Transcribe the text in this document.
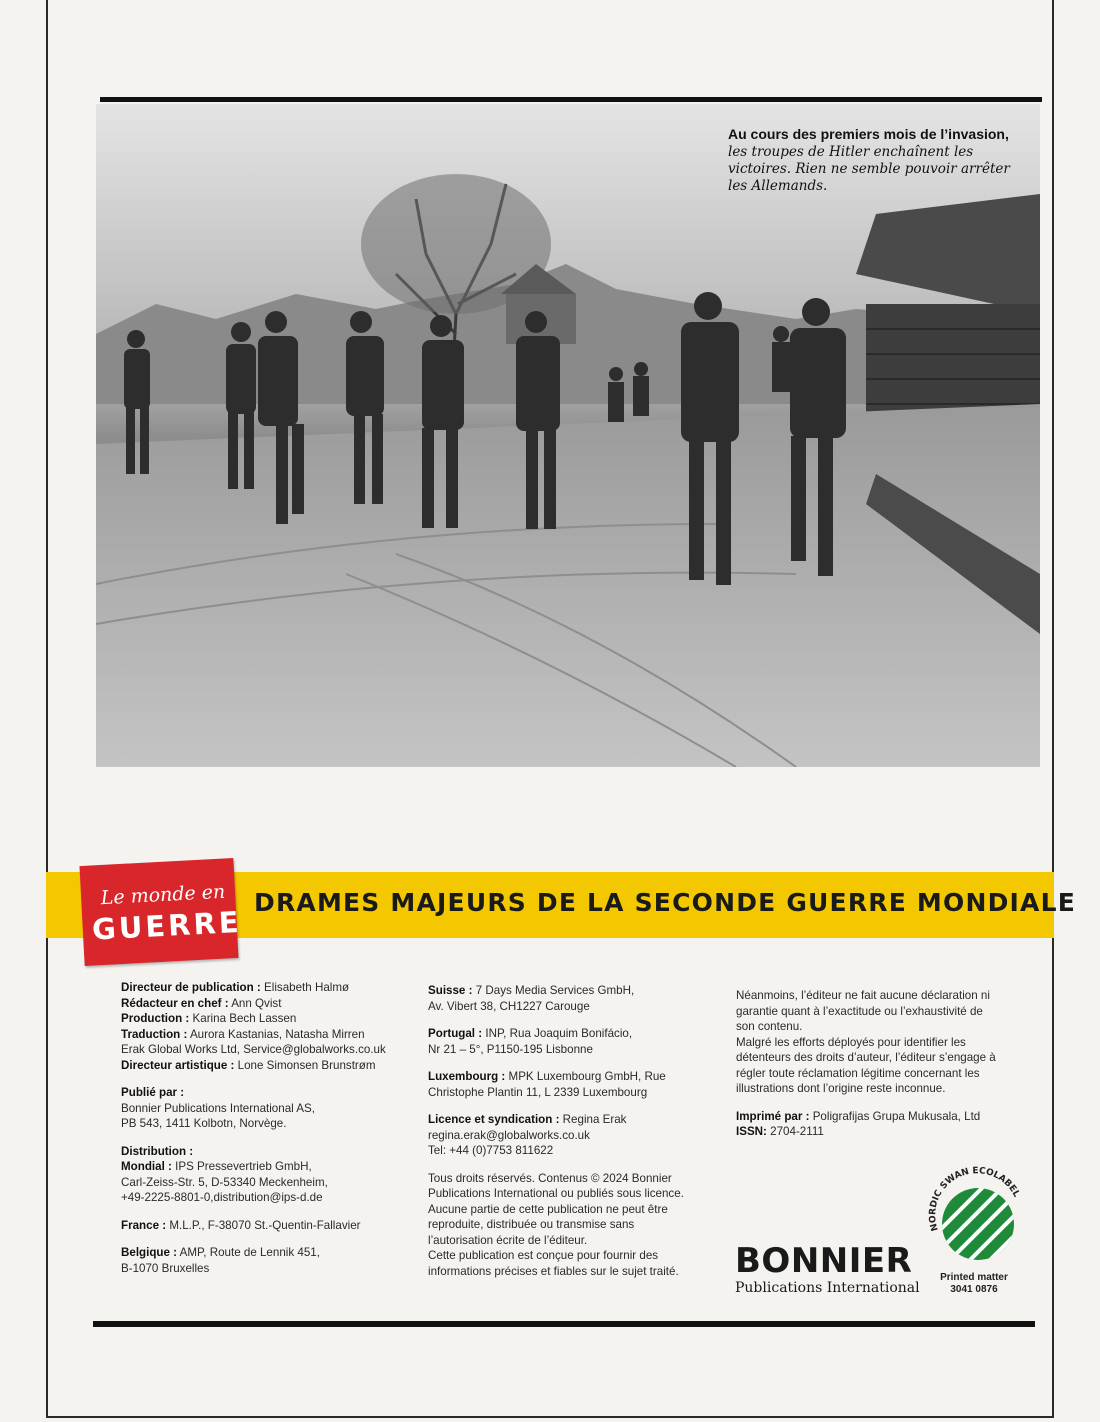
Au cours des premiers mois de l’invasion, les troupes de Hitler enchaînent les victoires. Rien ne semble pouvoir arrêter les Allemands.
DRAMES MAJEURS DE LA SECONDE GUERRE MONDIALE
Le monde en
GUERRE
Directeur de publication : Elisabeth Halmø
Rédacteur en chef : Ann Qvist
Production : Karina Bech Lassen
Traduction : Aurora Kastanias, Natasha Mirren
Erak Global Works Ltd, Service@globalworks.co.uk
Directeur artistique : Lone Simonsen Brunstrøm
Publié par :
Bonnier Publications International AS,
PB 543, 1411 Kolbotn, Norvège.
Distribution :
Mondial : IPS Pressevertrieb GmbH,
Carl-Zeiss-Str. 5, D-53340 Meckenheim,
+49-2225-8801-0,distribution@ips-d.de
France : M.L.P., F-38070 St.-Quentin-Fallavier
Belgique : AMP, Route de Lennik 451,
B-1070 Bruxelles
Suisse : 7 Days Media Services GmbH,
Av. Vibert 38, CH1227 Carouge
Portugal : INP, Rua Joaquim Bonifácio,
Nr 21 – 5°, P1150-195 Lisbonne
Luxembourg : MPK Luxembourg GmbH, Rue
Christophe Plantin 11, L 2339 Luxembourg
Licence et syndication : Regina Erak
regina.erak@globalworks.co.uk
Tel: +44 (0)7753 811622
Tous droits réservés. Contenus © 2024 Bonnier
Publications International ou publiés sous licence.
Aucune partie de cette publication ne peut être
reproduite, distribuée ou transmise sans
l’autorisation écrite de l’éditeur.
Cette publication est conçue pour fournir des
informations précises et fiables sur le sujet traité.
Néanmoins, l’éditeur ne fait aucune déclaration ni
garantie quant à l’exactitude ou l’exhaustivité de
son contenu.
Malgré les efforts déployés pour identifier les
détenteurs des droits d’auteur, l’éditeur s’engage à
régler toute réclamation légitime concernant les
illustrations dont l’origine reste inconnue.
Imprimé par : Poligrafijas Grupa Mukusala, Ltd
ISSN: 2704-2111
BONNIER
Publications International
NORDIC SWAN ECOLABEL
Printed matter
3041 0876
